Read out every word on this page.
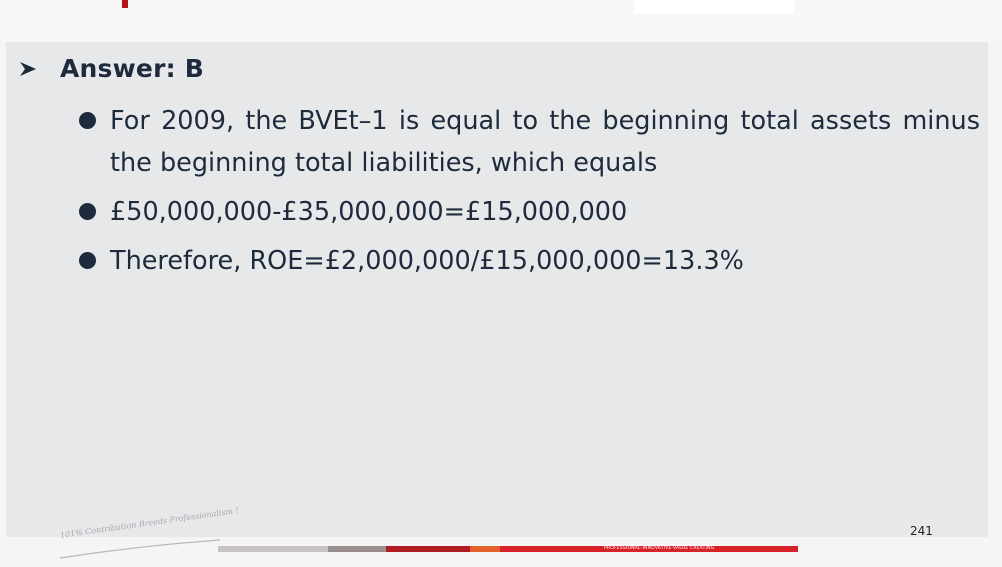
Answer: B
For 2009, the BVEt–1 is equal to the beginning total assets minus the beginning total liabilities, which equals
£50,000,000-£35,000,000=£15,000,000
Therefore, ROE=£2,000,000/£15,000,000=13.3%
241
101% Contribution Breeds Professionalism !
PROFESSIONAL-INNOVATIVE-VALUE CREATING
